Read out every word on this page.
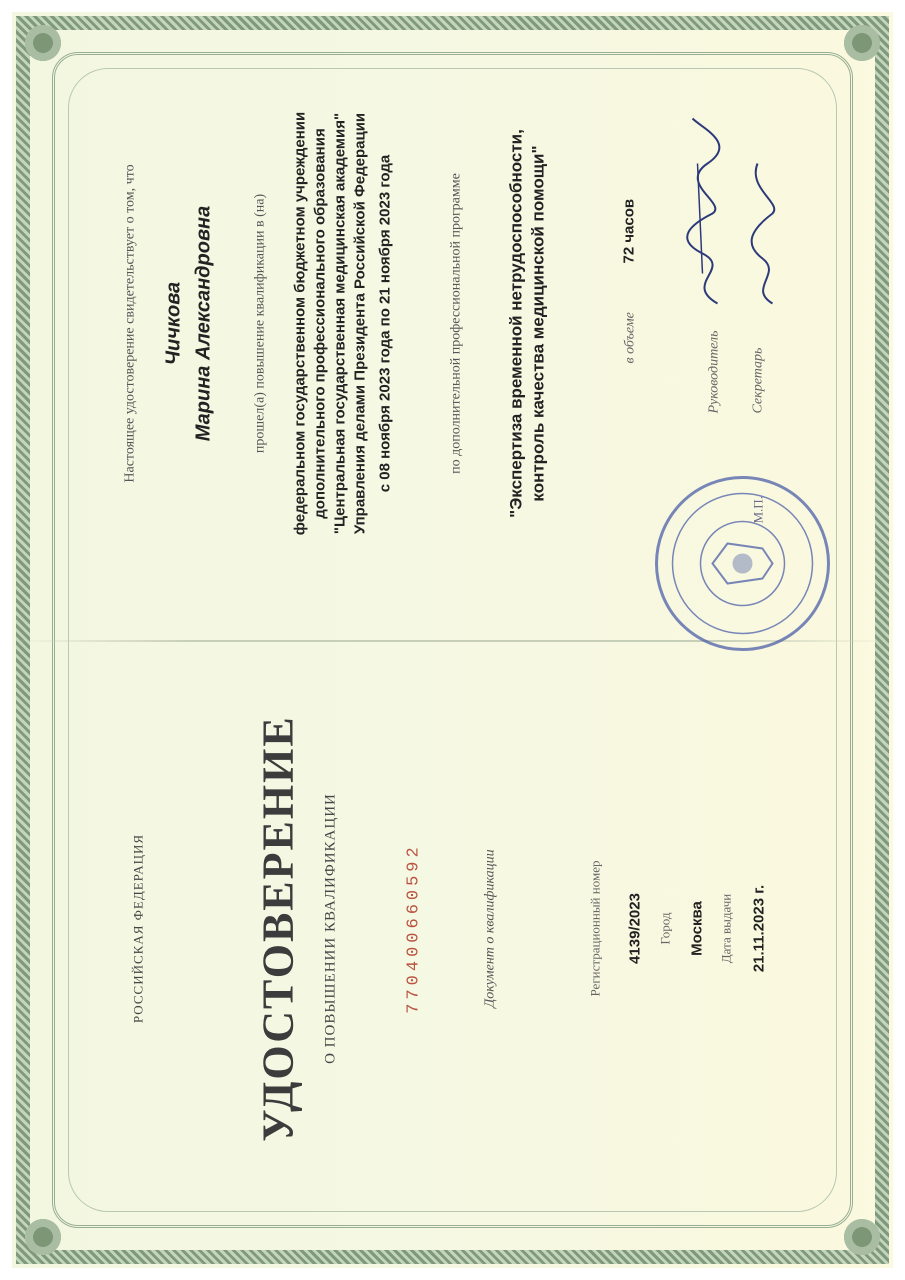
РОССИЙСКАЯ ФЕДЕРАЦИЯ УДОСТОВЕРЕНИЕ О ПОВЫШЕНИИ КВАЛИФИКАЦИИ	770400660592	Документ о квалификации	Регистрационный номер 4139/2023 Город Москва Дата выдачи 21.11.2023 г.
Настоящее удостоверение свидетельствует о том, что Чичкова Марина Александровна	прошел(а) повышение квалификации в (на) федеральном государственном бюджетном учреждении дополнительного профессионального образования "Центральная государственная медицинская академия" Управления делами Президента Российской Федерации с 08 ноября 2023 года по 21 ноября 2023 года	по дополнительной профессиональной программе	"Экспертиза временной нетрудоспособности, контроль качества медицинской помощи"	в объеме
72 часов
Руководитель Секретарь
М.П.
